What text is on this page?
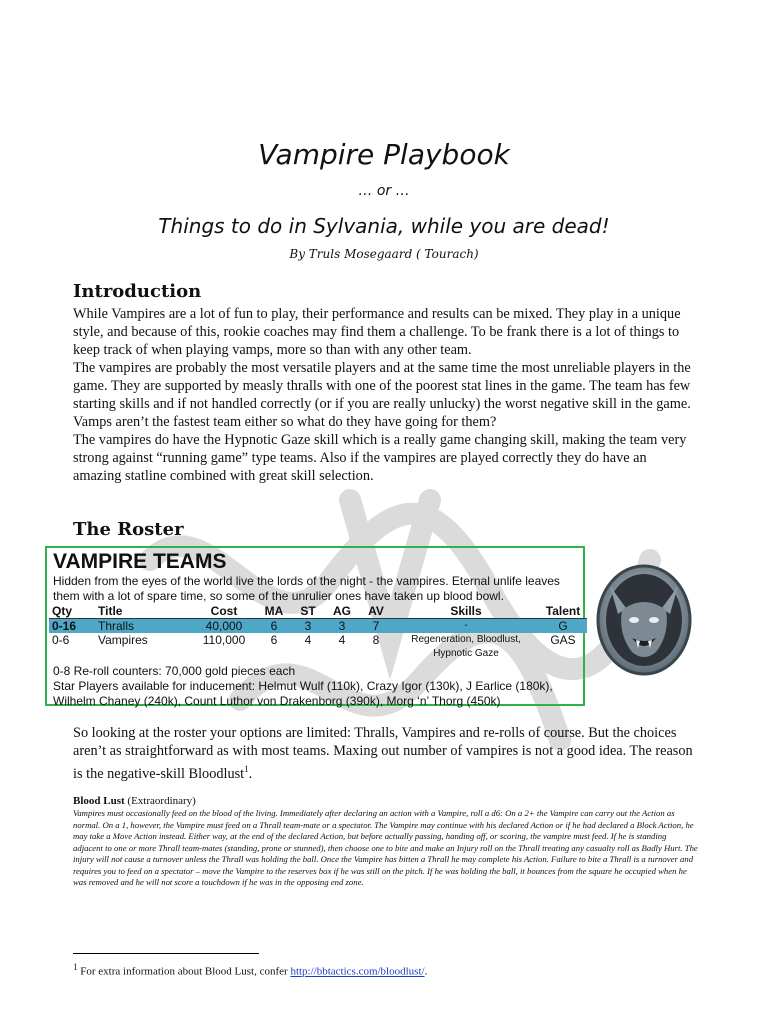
Vampire Playbook
… or …
Things to do in Sylvania, while you are dead!
By Truls Mosegaard ( Tourach)
Introduction

While Vampires are a lot of fun to play, their performance and results can be mixed. They play in a unique style, and because of this, rookie coaches may find them a challenge. To be frank there is a lot of things to keep track of when playing vamps, more so than with any other team.

The vampires are probably the most versatile players and at the same time the most unreliable players in the game. They are supported by measly thralls with one of the poorest stat lines in the game. The team has few starting skills and if not handled correctly (or if you are really unlucky) the worst negative skill in the game. Vamps aren’t the fastest team either so what do they have going for them?

The vampires do have the Hypnotic Gaze skill which is a really game changing skill, making the team very strong against “running game” type teams. Also if the vampires are played correctly they do have an amazing statline combined with great skill selection.

The Roster
VAMPIRE TEAMS
Hidden from the eyes of the world live the lords of the night - the vampires. Eternal unlife leaves them with a lot of spare time, so some of the unrulier ones have taken up blood bowl.
Qty	Title	Cost	MA	ST	AG	AV	Skills	Talent
0-16	Thralls	40,000	6	3	3	7	-	G
0-6	Vampires	110,000	6	4	4	8	Regeneration, Bloodlust, Hypnotic Gaze	GAS
0-8 Re-roll counters: 70,000 gold pieces each
Star Players available for inducement: Helmut Wulf (110k), Crazy Igor (130k), J Earlice (180k), Wilhelm Chaney (240k), Count Luthor von Drakenborg (390k), Morg ‘n’ Thorg (450k)

So looking at the roster your options are limited: Thralls, Vampires and re-rolls of course. But the choices aren’t as straightforward as with most teams. Maxing out number of vampires is not a good idea. The reason is the negative-skill Bloodlust$^1$.

Blood Lust (Extraordinary)

Vampires must occasionally feed on the blood of the living. Immediately after declaring an action with a Vampire, roll a d6: On a 2+ the Vampire can carry out the Action as normal. On a 1, however, the Vampire must feed on a Thrall team-mate or a spectator. The Vampire may continue with his declared Action or if he had declared a Block Action, he may take a Move Action instead. Either way, at the end of the declared Action, but before actually passing, handing off, or scoring, the vampire must feed. If he is standing adjacent to one or more Thrall team-mates (standing, prone or stunned), then choose one to bite and make an Injury roll on the Thrall treating any casualty roll as Badly Hurt. The injury will not cause a turnover unless the Thrall was holding the ball. Once the Vampire has bitten a Thrall he may complete his Action. Failure to bite a Thrall is a turnover and requires you to feed on a spectator – move the Vampire to the reserves box if he was still on the pitch. If he was holding the ball, it bounces from the square he occupied when he was removed and he will not score a touchdown if he was in the opposing end zone.

$^1$ For extra information about Blood Lust, confer http://bbtactics.com/bloodlust/.
